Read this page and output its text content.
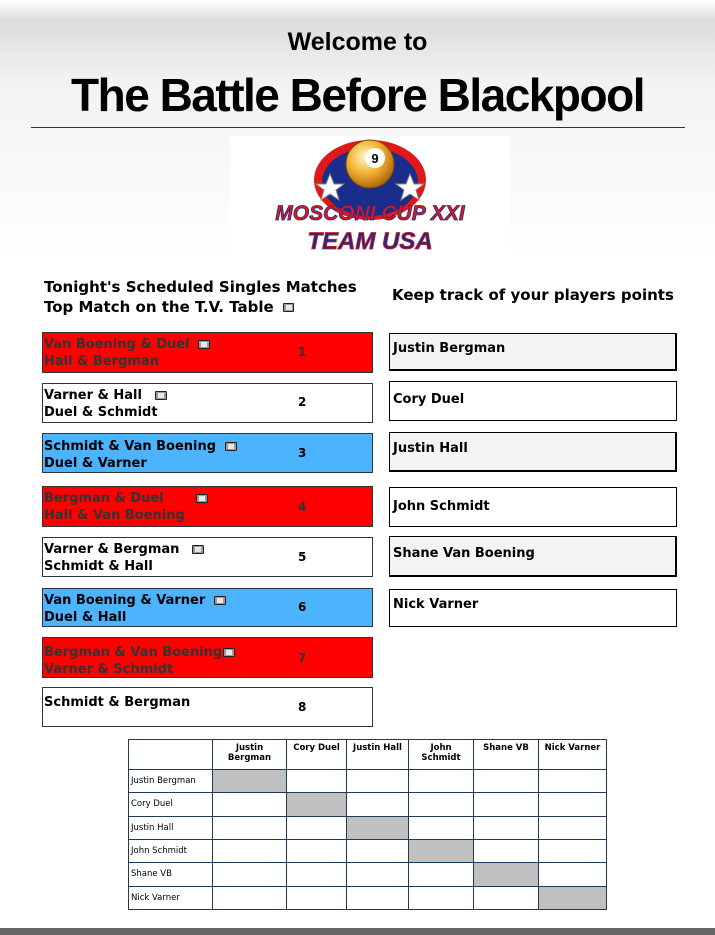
Welcome to
The Battle Before Blackpool
9
MOSCONI CUP XXI
TEAM USA
Tonight's Scheduled Singles Matches
Top Match on the T.V. Table
Keep track of your players points
Van Boening & Duel
Hall & Bergman
1
Varner & Hall
Duel & Schmidt
2
Schmidt & Van Boening
Duel & Varner
3
Bergman & Duel
Hall & Van Boening
4
Varner & Bergman
Schmidt & Hall
5
Van Boening & Varner
Duel & Hall
6
Bergman & Van Boening
Varner & Schmidt
7
Schmidt & Bergman	8
Justin Bergman
Cory Duel
Justin Hall
John Schmidt
Shane Van Boening
Nick Varner
	Justin Bergman	Cory Duel	Justin Hall	John Schmidt	Shane VB	Nick Varner
Justin Bergman						
Cory Duel						
Justin Hall						
John Schmidt						
Shane VB						
Nick Varner						
